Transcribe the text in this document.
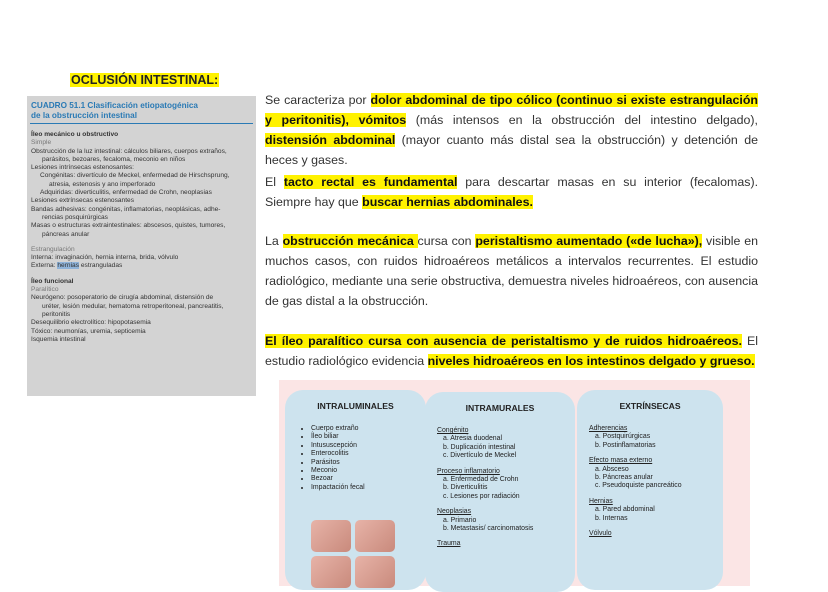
OCLUSIÓN INTESTINAL:
CUADRO 51.1 Clasificación etiopatogénica
de la obstrucción intestinal
Íleo mecánico u obstructivo
Simple
Obstrucción de la luz intestinal: cálculos biliares, cuerpos extraños,
parásitos, bezoares, fecaloma, meconio en niños
Lesiones intrínsecas estenosantes:
Congénitas: divertículo de Meckel, enfermedad de Hirschsprung,
atresia, estenosis y ano imperforado
Adquiridas: diverticulitis, enfermedad de Crohn, neoplasias
Lesiones extrínsecas estenosantes
Bandas adhesivas: congénitas, inflamatorias, neoplásicas, adhe-
rencias posquirúrgicas
Masas o estructuras extraintestinales: abscesos, quistes, tumores,
páncreas anular
Estrangulación
Interna: invaginación, hernia interna, brida, vólvulo
Externa: hernias estranguladas
Íleo funcional
Paralítico
Neurógeno: posoperatorio de cirugía abdominal, distensión de
uréter, lesión medular, hematoma retroperitoneal, pancreatitis,
peritonitis
Desequilibrio electrolítico: hipopotasemia
Tóxico: neumonías, uremia, septicemia
Isquemia intestinal
Se caracteriza por dolor abdominal de tipo cólico (continuo si existe estrangulación y peritonitis), vómitos (más intensos en la obstrucción del intestino delgado), distensión abdominal (mayor cuanto más distal sea la obstrucción) y detención de heces y gases.
El tacto rectal es fundamental para descartar masas en su interior (fecalomas). Siempre hay que buscar hernias abdominales.
La obstrucción mecánica cursa con peristaltismo aumentado («de lucha»), visible en muchos casos, con ruidos hidroaéreos metálicos a intervalos recurrentes. El estudio radiológico, mediante una serie obstructiva, demuestra niveles hidroaéreos, con ausencia de gas distal a la obstrucción.
El íleo paralítico cursa con ausencia de peristaltismo y de ruidos hidroaéreos. El estudio radiológico evidencia niveles hidroaéreos en los intestinos delgado y grueso.
INTRALUMINALES
• Cuerpo extraño
• Íleo biliar
• Intususcepción
• Enterocolitis
• Parásitos
• Meconio
• Bezoar
• Impactación fecal
INTRAMURALES
Congénito
a. Atresia duodenal
b. Duplicación intestinal
c. Divertículo de Meckel
Proceso inflamatorio
a. Enfermedad de Crohn
b. Diverticulitis
c. Lesiones por radiación
Neoplasias
a. Primario
b. Metastasis/ carcinomatosis
Trauma
EXTRÍNSECAS
Adherencias
a. Postquirúrgicas
b. Postinflamatorias
Efecto masa externo
a. Absceso
b. Páncreas anular
c. Pseudoquiste pancreático
Hernias
a. Pared abdominal
b. Internas
Vólvulo
